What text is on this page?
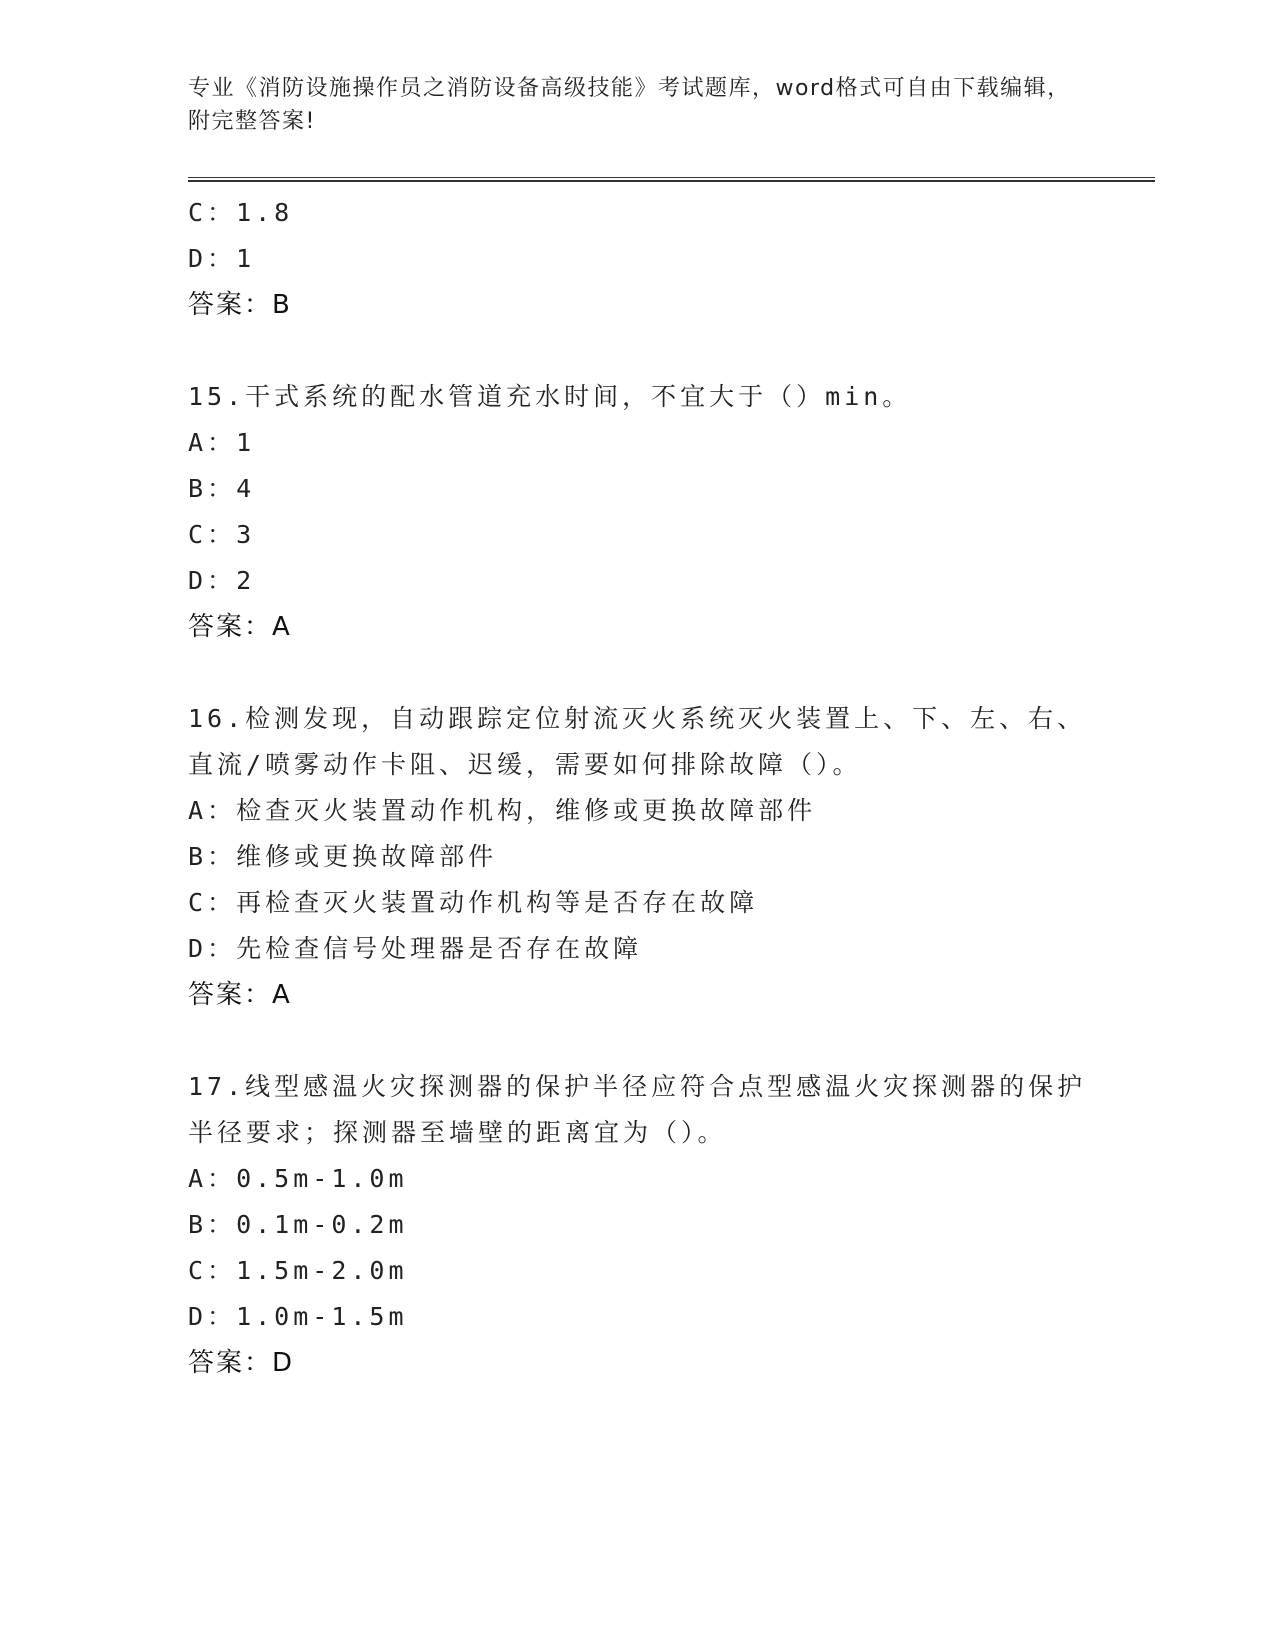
专业《消防设施操作员之消防设备高级技能》考试题库，word格式可自由下载编辑，附完整答案!
C： 1.8
D： 1
答案：B
15.干式系统的配水管道充水时间，不宜大于（）min。
A： 1
B： 4
C： 3
D： 2
答案：A
16.检测发现，自动跟踪定位射流灭火系统灭火装置上、下、左、右、直流/喷雾动作卡阻、迟缓，需要如何排除故障（）。
A： 检查灭火装置动作机构，维修或更换故障部件
B： 维修或更换故障部件
C： 再检查灭火装置动作机构等是否存在故障
D： 先检查信号处理器是否存在故障
答案：A
17.线型感温火灾探测器的保护半径应符合点型感温火灾探测器的保护半径要求；探测器至墙壁的距离宜为（）。
A： 0.5m-1.0m
B： 0.1m-0.2m
C： 1.5m-2.0m
D： 1.0m-1.5m
答案：D
